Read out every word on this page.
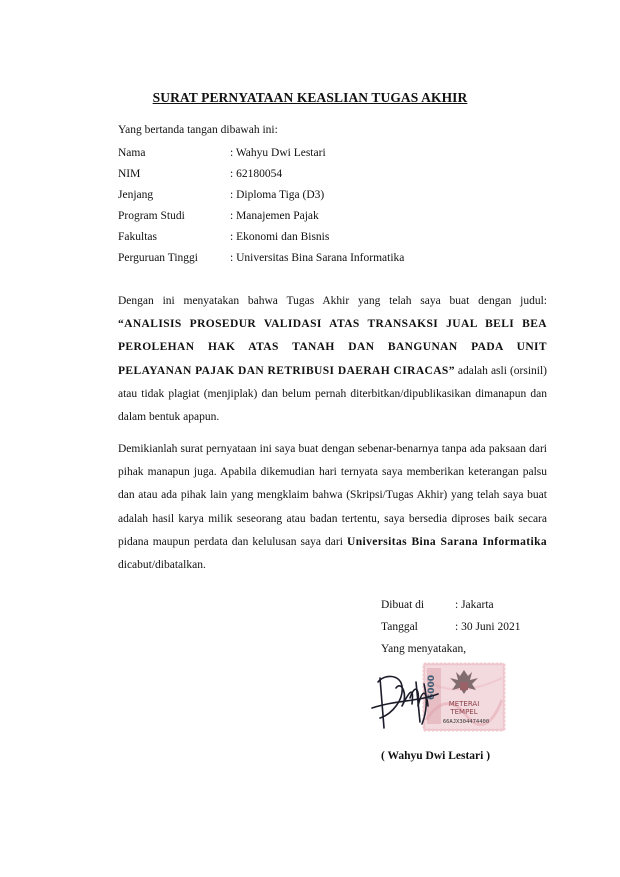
SURAT PERNYATAAN KEASLIAN TUGAS AKHIR
Yang bertanda tangan dibawah ini:
Nama	: Wahyu Dwi Lestari
NIM	: 62180054
Jenjang	: Diploma Tiga (D3)
Program Studi	: Manajemen Pajak
Fakultas	: Ekonomi dan Bisnis
Perguruan Tinggi	: Universitas Bina Sarana Informatika

Dengan ini menyatakan bahwa Tugas Akhir yang telah saya buat dengan judul: “ANALISIS PROSEDUR VALIDASI ATAS TRANSAKSI JUAL BELI BEA PEROLEHAN HAK ATAS TANAH DAN BANGUNAN PADA UNIT PELAYANAN PAJAK DAN RETRIBUSI DAERAH CIRACAS” adalah asli (orsinil) atau tidak plagiat (menjiplak) dan belum pernah diterbitkan/dipublikasikan dimanapun dan dalam bentuk apapun.

Demikianlah surat pernyataan ini saya buat dengan sebenar-benarnya tanpa ada paksaan dari pihak manapun juga. Apabila dikemudian hari ternyata saya memberikan keterangan palsu dan atau ada pihak lain yang mengklaim bahwa (Skripsi/Tugas Akhir) yang telah saya buat adalah hasil karya milik seseorang atau badan tertentu, saya bersedia diproses baik secara pidana maupun perdata dan kelulusan saya dari Universitas Bina Sarana Informatika dicabut/dibatalkan.

Dibuat di	: Jakarta
Tanggal	: 30 Juni 2021
Yang menyatakan,
6000
METERAI
TEMPEL
66AJX304474400
( Wahyu Dwi Lestari )
